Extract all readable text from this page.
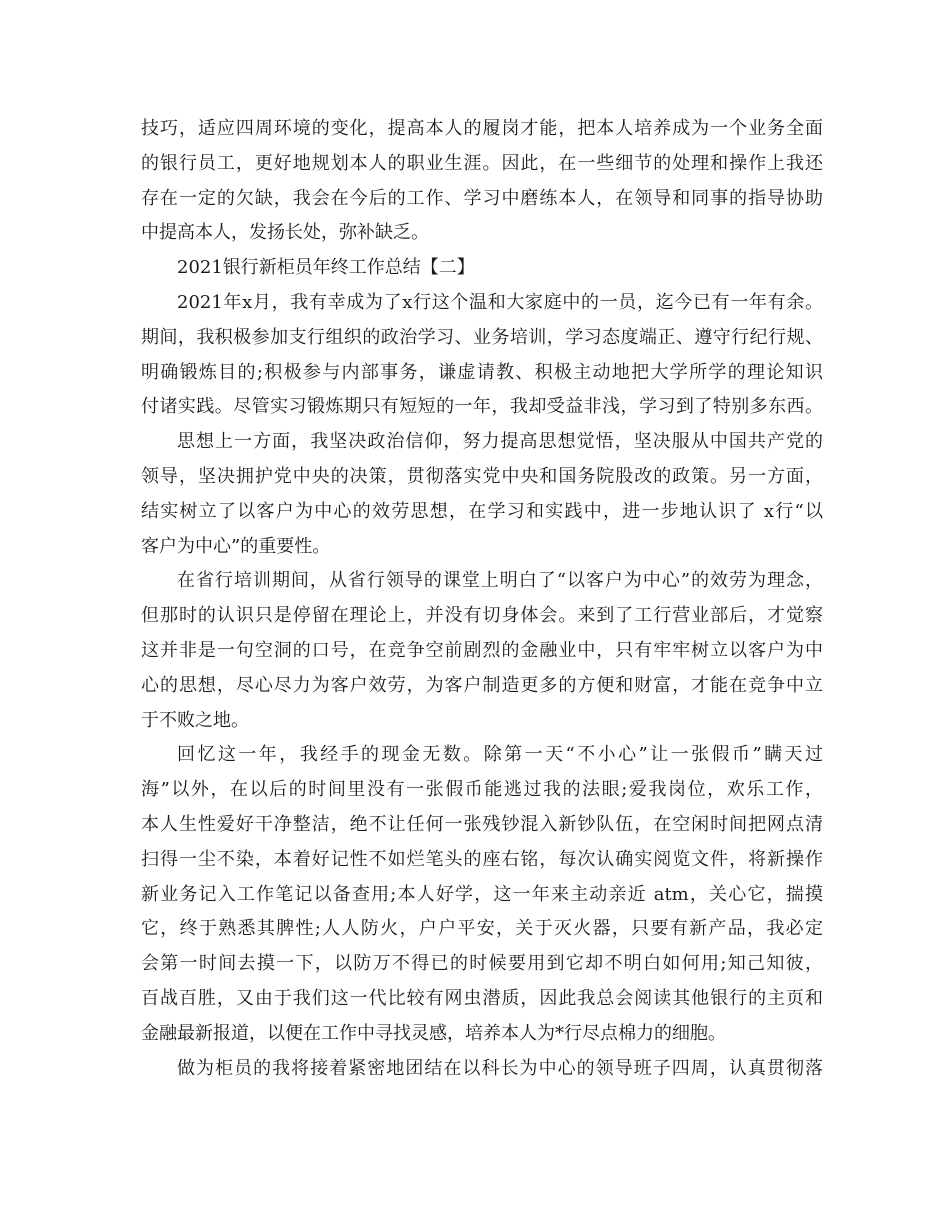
技巧，适应四周环境的变化，提高本人的履岗才能，把本人培养成为一个业务全面
的银行员工，更好地规划本人的职业生涯。因此，在一些细节的处理和操作上我还
存在一定的欠缺，我会在今后的工作、学习中磨练本人，在领导和同事的指导协助
中提高本人，发扬长处，弥补缺乏。
2021银行新柜员年终工作总结【二】
2021年x月，我有幸成为了x行这个温和大家庭中的一员，迄今已有一年有余。
期间，我积极参加支行组织的政治学习、业务培训，学习态度端正、遵守行纪行规、
明确锻炼目的;积极参与内部事务，谦虚请教、积极主动地把大学所学的理论知识
付诸实践。尽管实习锻炼期只有短短的一年，我却受益非浅，学习到了特别多东西。
思想上一方面，我坚决政治信仰，努力提高思想觉悟，坚决服从中国共产党的
领导，坚决拥护党中央的决策，贯彻落实党中央和国务院股改的政策。另一方面，
结实树立了以客户为中心的效劳思想，在学习和实践中，进一步地认识了 x行“以
客户为中心”的重要性。
在省行培训期间，从省行领导的课堂上明白了“以客户为中心”的效劳为理念，
但那时的认识只是停留在理论上，并没有切身体会。来到了工行营业部后，才觉察
这并非是一句空洞的口号，在竞争空前剧烈的金融业中，只有牢牢树立以客户为中
心的思想，尽心尽力为客户效劳，为客户制造更多的方便和财富，才能在竞争中立
于不败之地。
回忆这一年，我经手的现金无数。除第一天“不小心”让一张假币”瞒天过
海”以外，在以后的时间里没有一张假币能逃过我的法眼;爱我岗位，欢乐工作，
本人生性爱好干净整洁，绝不让任何一张残钞混入新钞队伍，在空闲时间把网点清
扫得一尘不染，本着好记性不如烂笔头的座右铭，每次认确实阅览文件，将新操作
新业务记入工作笔记以备查用;本人好学，这一年来主动亲近 atm，关心它，揣摸
它，终于熟悉其脾性;人人防火，户户平安，关于灭火器，只要有新产品，我必定
会第一时间去摸一下，以防万不得已的时候要用到它却不明白如何用;知己知彼，
百战百胜，又由于我们这一代比较有网虫潜质，因此我总会阅读其他银行的主页和
金融最新报道，以便在工作中寻找灵感，培养本人为*行尽点棉力的细胞。
做为柜员的我将接着紧密地团结在以科长为中心的领导班子四周，认真贯彻落
